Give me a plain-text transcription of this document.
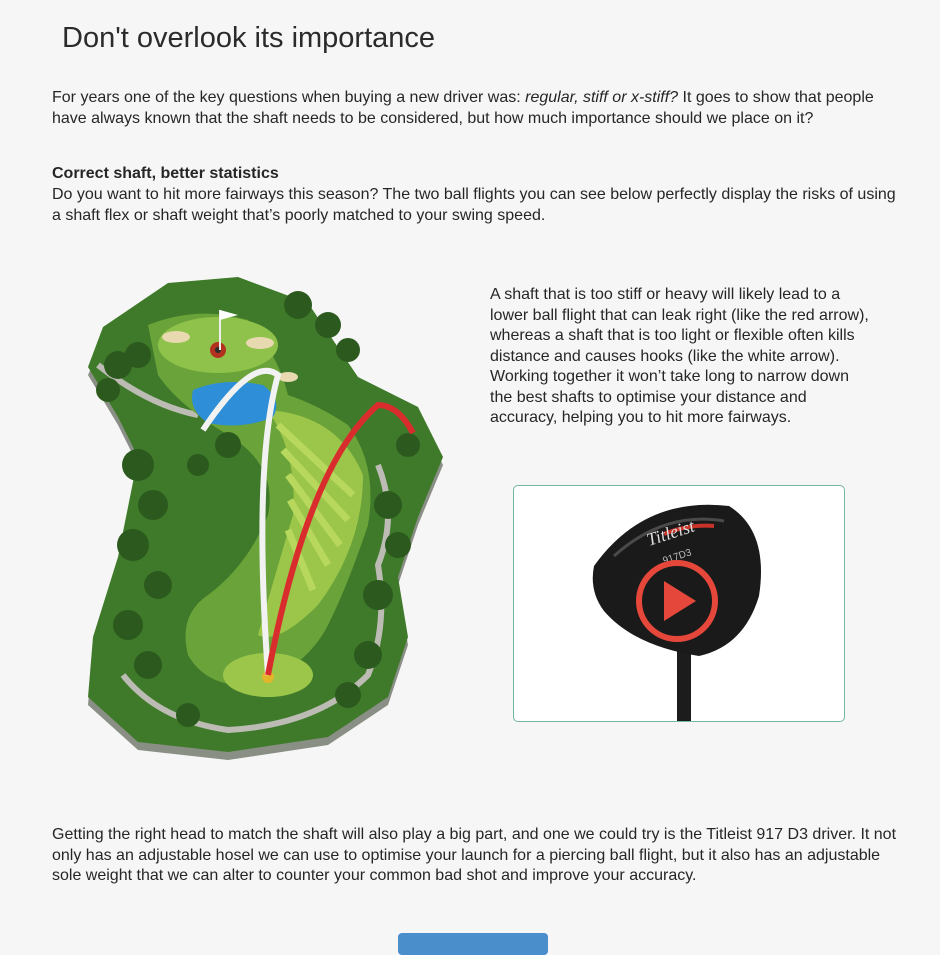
Don't overlook its importance

For years one of the key questions when buying a new driver was: regular, stiff or x-stiff? It goes to show that people have always known that the shaft needs to be considered, but how much importance should we place on it?

Correct shaft, better statistics

Do you want to hit more fairways this season? The two ball flights you can see below perfectly display the risks of using a shaft flex or shaft weight that’s poorly matched to your swing speed.

A shaft that is too stiff or heavy will likely lead to a lower ball flight that can leak right (like the red arrow), whereas a shaft that is too light or flexible often kills distance and causes hooks (like the white arrow). Working together it won’t take long to narrow down the best shafts to optimise your distance and accuracy, helping you to hit more fairways.

Titleist
917D3

Getting the right head to match the shaft will also play a big part, and one we could try is the Titleist 917 D3 driver. It not only has an adjustable hosel we can use to optimise your launch for a piercing ball flight, but it also has an adjustable sole weight that we can alter to counter your common bad shot and improve your accuracy.
